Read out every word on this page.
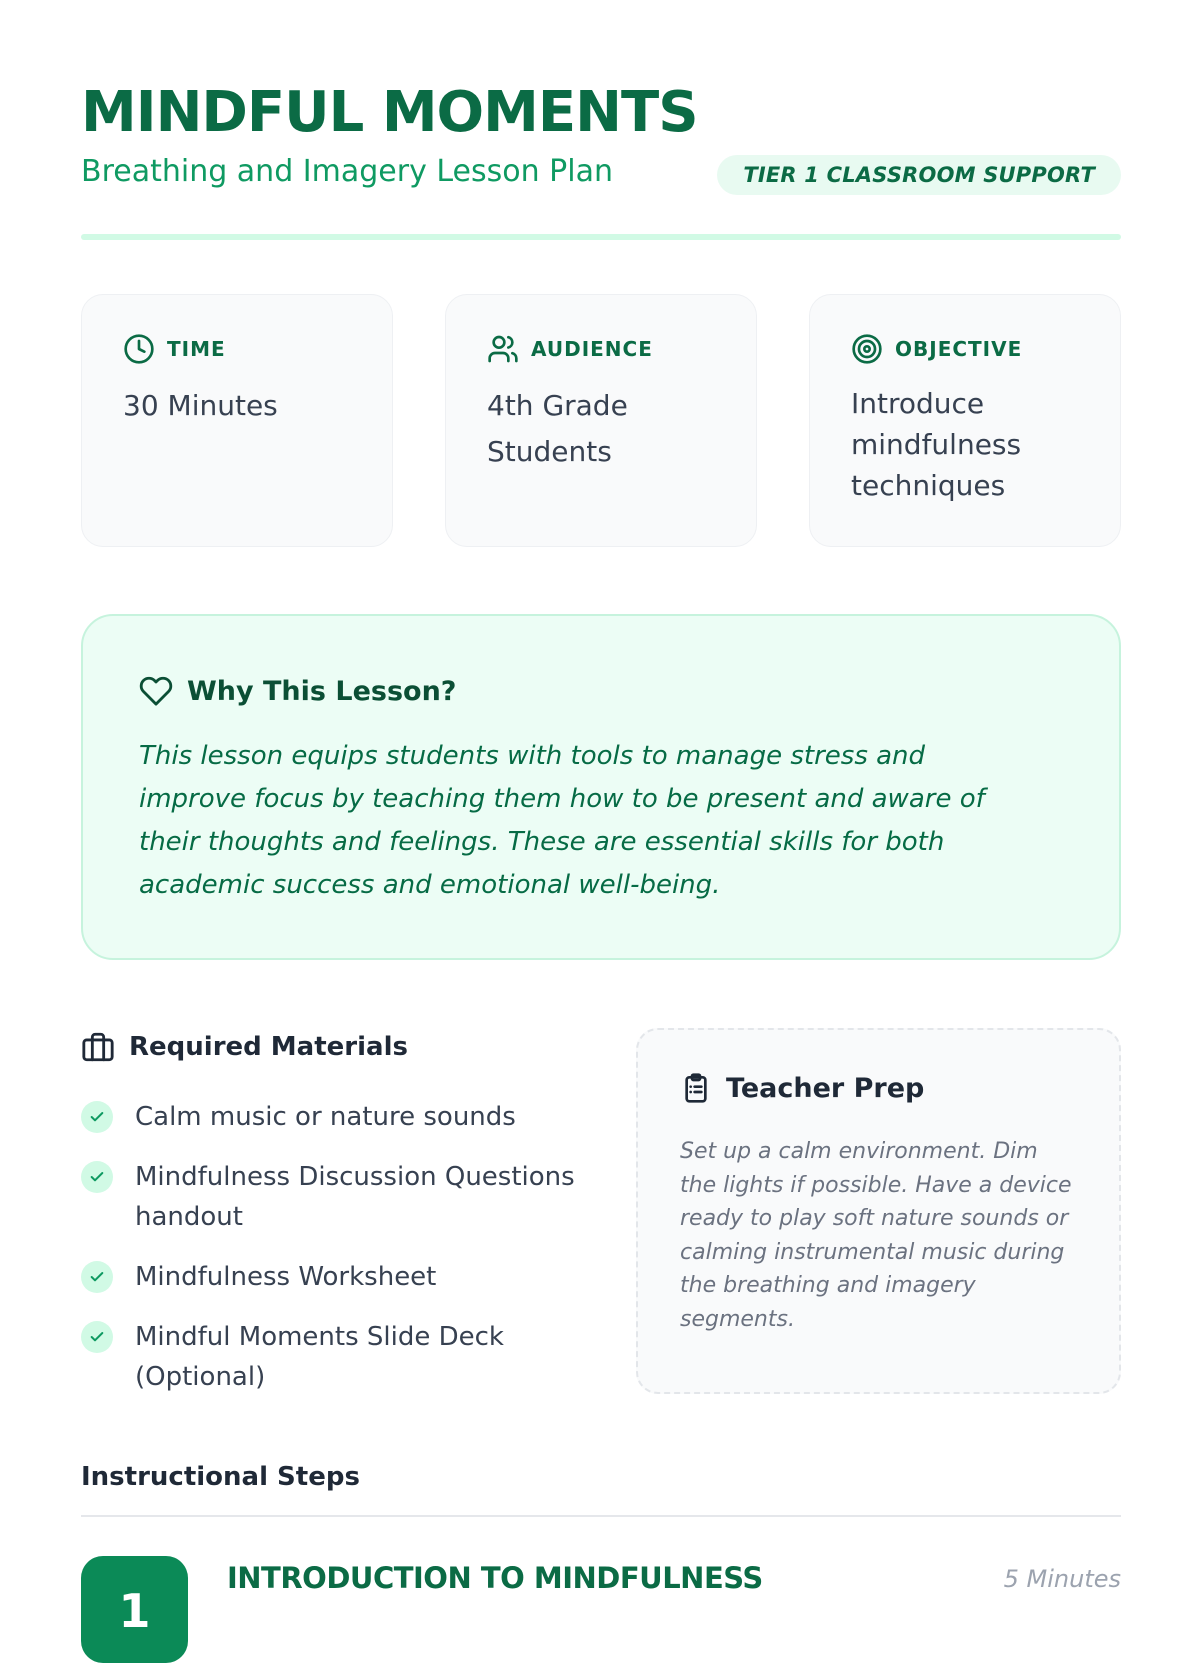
MINDFUL MOMENTS
Breathing and Imagery Lesson Plan	TIER 1 CLASSROOM SUPPORT
TIME
30 Minutes
AUDIENCE
4th Grade Students
OBJECTIVE
Introduce mindfulness techniques
Why This Lesson?

This lesson equips students with tools to manage stress and improve focus by teaching them how to be present and aware of their thoughts and feelings. These are essential skills for both academic success and emotional well-being.

Required Materials
Calm music or nature sounds
Mindfulness Discussion Questions handout
Mindfulness Worksheet
Mindful Moments Slide Deck (Optional)
Teacher Prep

Set up a calm environment. Dim the lights if possible. Have a device ready to play soft nature sounds or calming instrumental music during the breathing and imagery segments.

Instructional Steps
1
INTRODUCTION TO MINDFULNESS	5 Minutes
